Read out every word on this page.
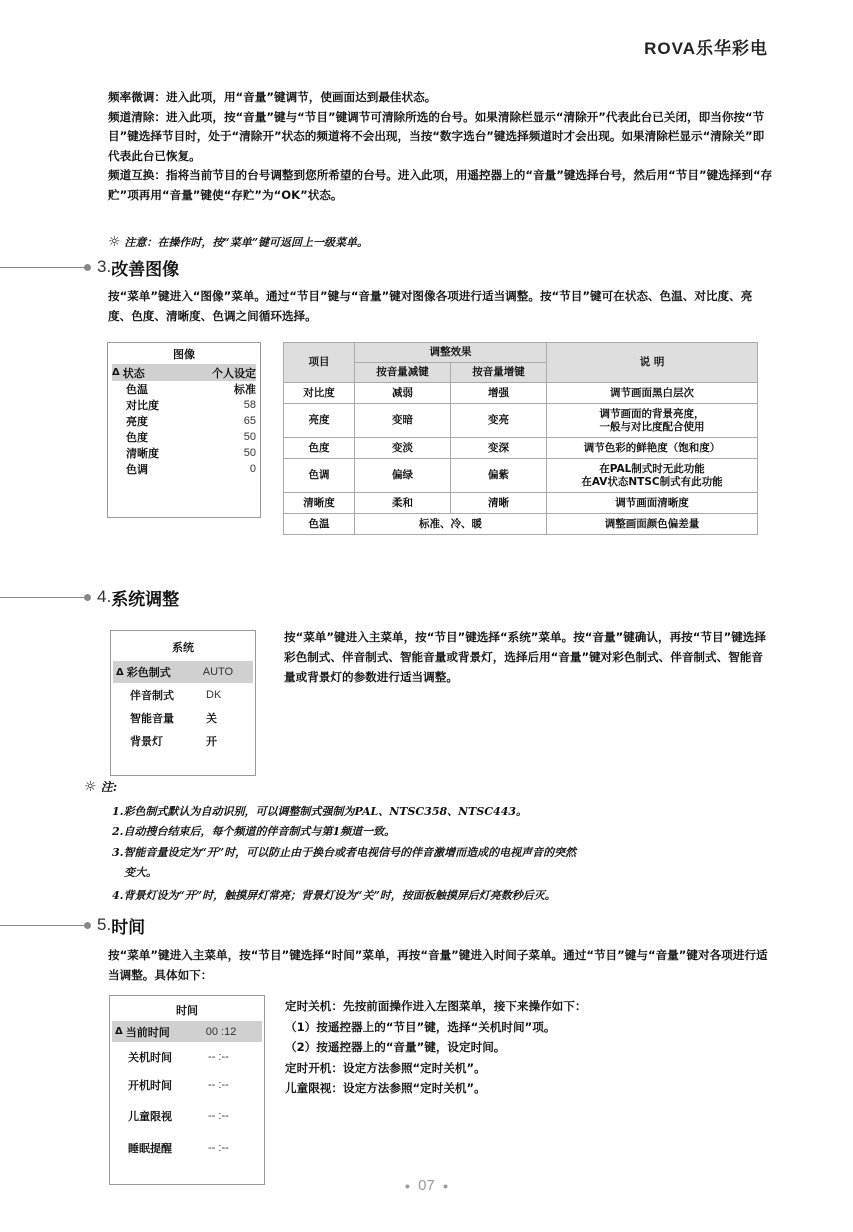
ROVA乐华彩电

频率微调：进入此项，用“音量”键调节，使画面达到最佳状态。

频道清除：进入此项，按“音量”键与“节目”键调节可清除所选的台号。如果清除栏显示“清除开”代表此台已关闭，即当你按“节目”键选择节目时，处于“清除开”状态的频道将不会出现，当按“数字选台”键选择频道时才会出现。如果清除栏显示“清除关”即代表此台已恢复。

频道互换：指将当前节目的台号调整到您所希望的台号。进入此项，用遥控器上的“音量”键选择台号，然后用“节目”键选择到“存贮”项再用“音量”键使“存贮”为“OK”状态。

☼ 注意：在操作时，按“菜单”键可返回上一级菜单。
3. 改善图像

按“菜单”键进入“图像”菜单。通过“节目”键与“音量”键对图像各项进行适当调整。按“节目”键可在状态、色温、对比度、亮度、色度、清晰度、色调之间循环选择。

图像
Δ 状态	个人设定
色温	标准
对比度	58
亮度	65
色度	50
清晰度	50
色调	0
项目	调整效果		说 明
	按音量减键	按音量增键	
对比度	减弱	增强	调节画面黑白层次

亮度	变暗	变亮	调节画面的背景亮度，
一般与对比度配合使用

色度	变淡	变深	调节色彩的鲜艳度（饱和度）

色调	偏绿	偏紫	在PAL制式时无此功能
在AV状态NTSC制式有此功能

清晰度	柔和	清晰	调节画面清晰度

色温	标准、冷、暖		调整画面颜色偏差量
4. 系统调整
系统
Δ 彩色制式	AUTO
伴音制式	DK
智能音量	关
背景灯	开

按“菜单”键进入主菜单，按“节目”键选择“系统”菜单。按“音量”键确认，再按“节目”键选择彩色制式、伴音制式、智能音量或背景灯，选择后用“音量”键对彩色制式、伴音制式、智能音量或背景灯的参数进行适当调整。

☼ 注:
1.彩色制式默认为自动识别，可以调整制式强制为PAL、NTSC358、NTSC443。
2.自动搜台结束后，每个频道的伴音制式与第1频道一致。
3.智能音量设定为“开”时，可以防止由于换台或者电视信号的伴音激增而造成的电视声音的突然
变大。
4.背景灯设为“开”时，触摸屏灯常亮；背景灯设为“关”时，按面板触摸屏后灯亮数秒后灭。
5. 时间

按“菜单”键进入主菜单，按“节目”键选择“时间”菜单，再按“音量”键进入时间子菜单。通过“节目”键与“音量”键对各项进行适当调整。具体如下：

时间
Δ 当前时间	00 :12
关机时间	-- :--
开机时间	-- :--
儿童限视	-- :--
睡眠提醒	-- :--

定时关机：先按前面操作进入左图菜单，接下来操作如下：

（1）按遥控器上的“节目”键，选择“关机时间”项。

（2）按遥控器上的“音量”键，设定时间。

定时开机：设定方法参照“定时关机”。

儿童限视：设定方法参照“定时关机”。

● 07 ●
